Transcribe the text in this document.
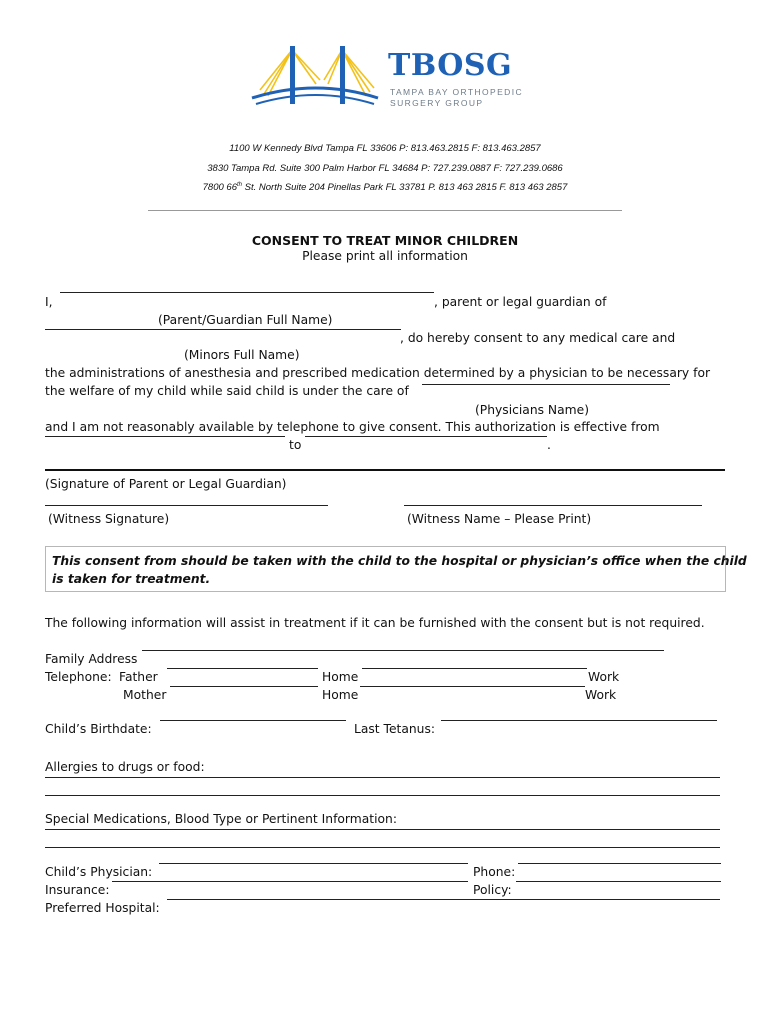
TBOSG
TAMPA BAY ORTHOPEDIC
SURGERY GROUP
1100 W Kennedy Blvd Tampa FL 33606 P: 813.463.2815 F: 813.463.2857
3830 Tampa Rd. Suite 300 Palm Harbor FL 34684 P: 727.239.0887 F: 727.239.0686
7800 66th St. North Suite 204 Pinellas Park FL 33781 P. 813 463 2815 F. 813 463 2857
CONSENT TO TREAT MINOR CHILDREN
Please print all information
I,	, parent or legal guardian of
(Parent/Guardian Full Name)
, do hereby consent to any medical care and
(Minors Full Name)
the administrations of anesthesia and prescribed medication determined by a physician to be necessary for
the welfare of my child while said child is under the care of
(Physicians Name)
and I am not reasonably available by telephone to give consent. This authorization is effective from
to	.
(Signature of Parent or Legal Guardian)
(Witness Signature)	(Witness Name – Please Print)
This consent from should be taken with the child to the hospital or physician’s office when the child
is taken for treatment.
The following information will assist in treatment if it can be furnished with the consent but is not required.
Family Address
Telephone: Father	Home	Work
Mother	Home	Work
Child’s Birthdate:	Last Tetanus:
Allergies to drugs or food:
Special Medications, Blood Type or Pertinent Information:
Child’s Physician:	Phone:
Insurance:	Policy:
Preferred Hospital:
